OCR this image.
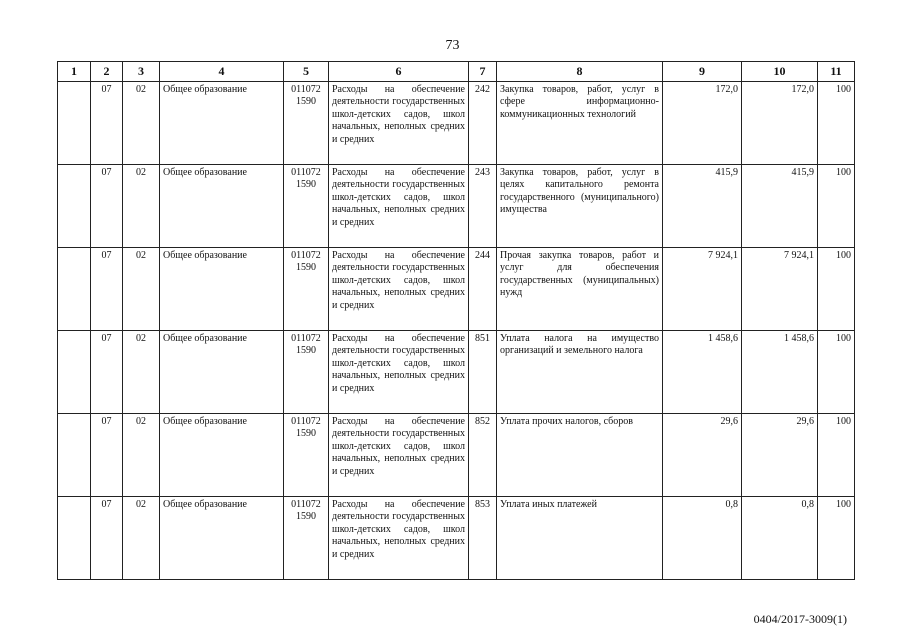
73
1	2	3	4	5	6	7	8	9	10	11
	07	02	Общее образование	011072 1590	Расходы на обеспечение деятельности государственных школ-детских садов, школ начальных, неполных средних и средних	242	Закупка товаров, работ, услуг в сфере информационно-коммуникационных технологий	172,0	172,0	100
	07	02	Общее образование	011072 1590	Расходы на обеспечение деятельности государственных школ-детских садов, школ начальных, неполных средних и средних	243	Закупка товаров, работ, услуг в целях капитального ремонта государственного (муниципального) имущества	415,9	415,9	100
	07	02	Общее образование	011072 1590	Расходы на обеспечение деятельности государственных школ-детских садов, школ начальных, неполных средних и средних	244	Прочая закупка товаров, работ и услуг для обеспечения государственных (муниципальных) нужд	7 924,1	7 924,1	100
	07	02	Общее образование	011072 1590	Расходы на обеспечение деятельности государственных школ-детских садов, школ начальных, неполных средних и средних	851	Уплата налога на имущество организаций и земельного налога	1 458,6	1 458,6	100
	07	02	Общее образование	011072 1590	Расходы на обеспечение деятельности государственных школ-детских садов, школ начальных, неполных средних и средних	852	Уплата прочих налогов, сборов	29,6	29,6	100
	07	02	Общее образование	011072 1590	Расходы на обеспечение деятельности государственных школ-детских садов, школ начальных, неполных средних и средних	853	Уплата иных платежей	0,8	0,8	100
0404/2017-3009(1)
